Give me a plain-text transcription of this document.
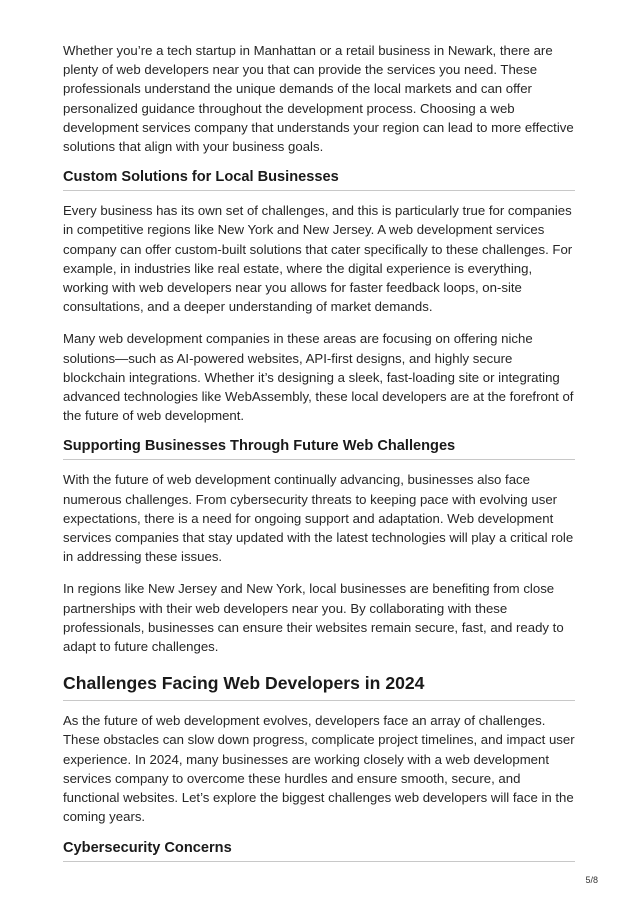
Whether you’re a tech startup in Manhattan or a retail business in Newark, there are plenty of web developers near you that can provide the services you need. These professionals understand the unique demands of the local markets and can offer personalized guidance throughout the development process. Choosing a web development services company that understands your region can lead to more effective solutions that align with your business goals.

Custom Solutions for Local Businesses

Every business has its own set of challenges, and this is particularly true for companies in competitive regions like New York and New Jersey. A web development services company can offer custom-built solutions that cater specifically to these challenges. For example, in industries like real estate, where the digital experience is everything, working with web developers near you allows for faster feedback loops, on-site consultations, and a deeper understanding of market demands.

Many web development companies in these areas are focusing on offering niche solutions—such as AI-powered websites, API-first designs, and highly secure blockchain integrations. Whether it’s designing a sleek, fast-loading site or integrating advanced technologies like WebAssembly, these local developers are at the forefront of the future of web development.

Supporting Businesses Through Future Web Challenges

With the future of web development continually advancing, businesses also face numerous challenges. From cybersecurity threats to keeping pace with evolving user expectations, there is a need for ongoing support and adaptation. Web development services companies that stay updated with the latest technologies will play a critical role in addressing these issues.

In regions like New Jersey and New York, local businesses are benefiting from close partnerships with their web developers near you. By collaborating with these professionals, businesses can ensure their websites remain secure, fast, and ready to adapt to future challenges.

Challenges Facing Web Developers in 2024

As the future of web development evolves, developers face an array of challenges. These obstacles can slow down progress, complicate project timelines, and impact user experience. In 2024, many businesses are working closely with a web development services company to overcome these hurdles and ensure smooth, secure, and functional websites. Let’s explore the biggest challenges web developers will face in the coming years.

Cybersecurity Concerns
5/8
